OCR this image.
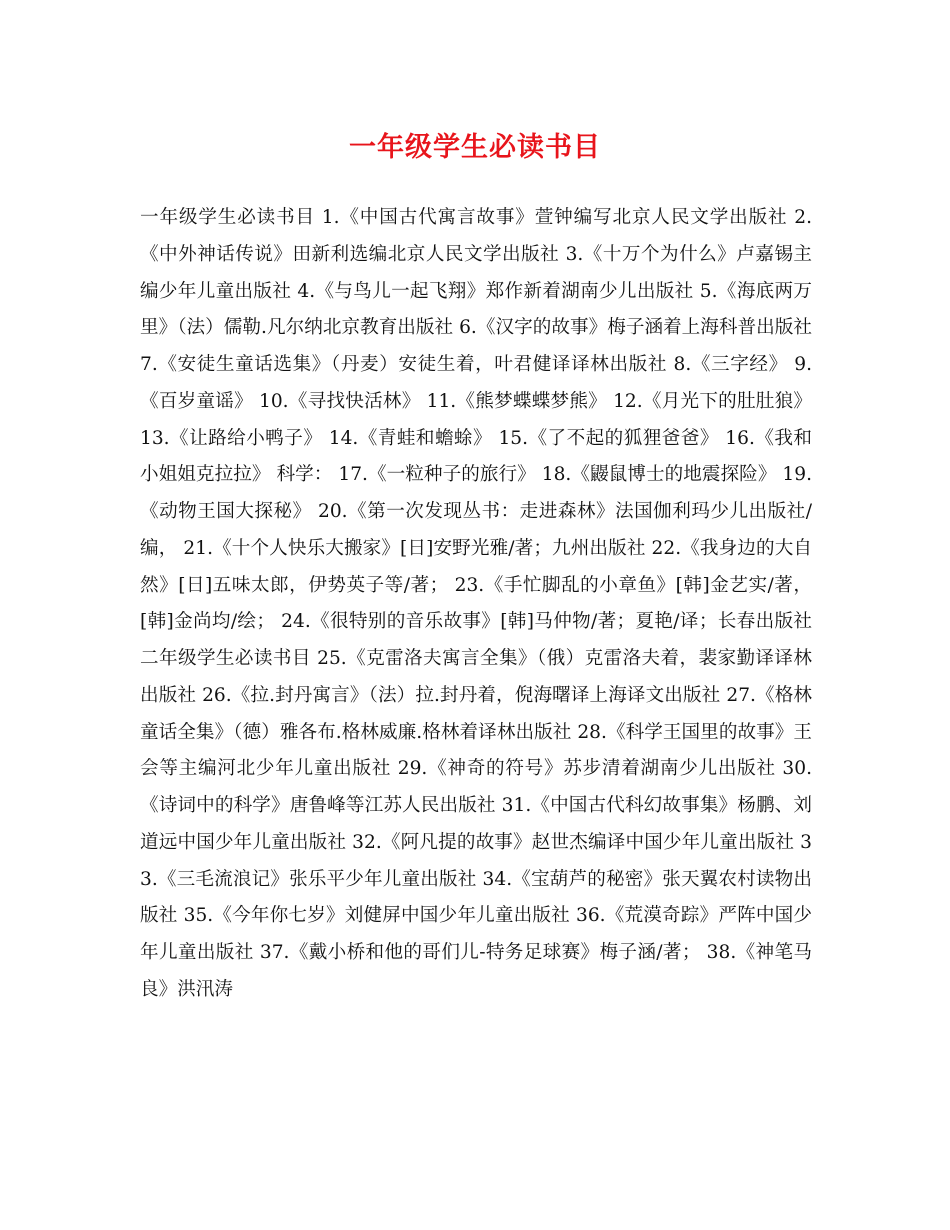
一年级学生必读书目

一年级学生必读书目 1.《中国古代寓言故事》萱钟编写北京人民文学出版社 2.《中外神话传说》田新利选编北京人民文学出版社 3.《十万个为什么》卢嘉锡主编少年儿童出版社 4.《与鸟儿一起飞翔》郑作新着湖南少儿出版社 5.《海底两万里》（法）儒勒.凡尔纳北京教育出版社 6.《汉字的故事》梅子涵着上海科普出版社 7.《安徒生童话选集》（丹麦）安徒生着，叶君健译译林出版社 8.《三字经》 9.《百岁童谣》 10.《寻找快活林》 11.《熊梦蝶蝶梦熊》 12.《月光下的肚肚狼》 13.《让路给小鸭子》 14.《青蛙和蟾蜍》 15.《了不起的狐狸爸爸》 16.《我和小姐姐克拉拉》 科学： 17.《一粒种子的旅行》 18.《鼹鼠博士的地震探险》 19.《动物王国大探秘》 20.《第一次发现丛书：走进森林》法国伽利玛少儿出版社/编， 21.《十个人快乐大搬家》[日]安野光雅/著；九州出版社 22.《我身边的大自然》[日]五味太郎，伊势英子等/著； 23.《手忙脚乱的小章鱼》[韩]金艺实/著，[韩]金尚均/绘； 24.《很特别的音乐故事》[韩]马仲物/著；夏艳/译；长春出版社 二年级学生必读书目 25.《克雷洛夫寓言全集》（俄）克雷洛夫着，裴家勤译译林出版社 26.《拉.封丹寓言》（法）拉.封丹着，倪海曙译上海译文出版社 27.《格林童话全集》（德）雅各布.格林威廉.格林着译林出版社 28.《科学王国里的故事》王会等主编河北少年儿童出版社 29.《神奇的符号》苏步清着湖南少儿出版社 30.《诗词中的科学》唐鲁峰等江苏人民出版社 31.《中国古代科幻故事集》杨鹏、刘道远中国少年儿童出版社 32.《阿凡提的故事》赵世杰编译中国少年儿童出版社 33.《三毛流浪记》张乐平少年儿童出版社 34.《宝葫芦的秘密》张天翼农村读物出版社 35.《今年你七岁》刘健屏中国少年儿童出版社 36.《荒漠奇踪》严阵中国少年儿童出版社 37.《戴小桥和他的哥们儿-特务足球赛》梅子涵/著； 38.《神笔马良》洪汛涛
